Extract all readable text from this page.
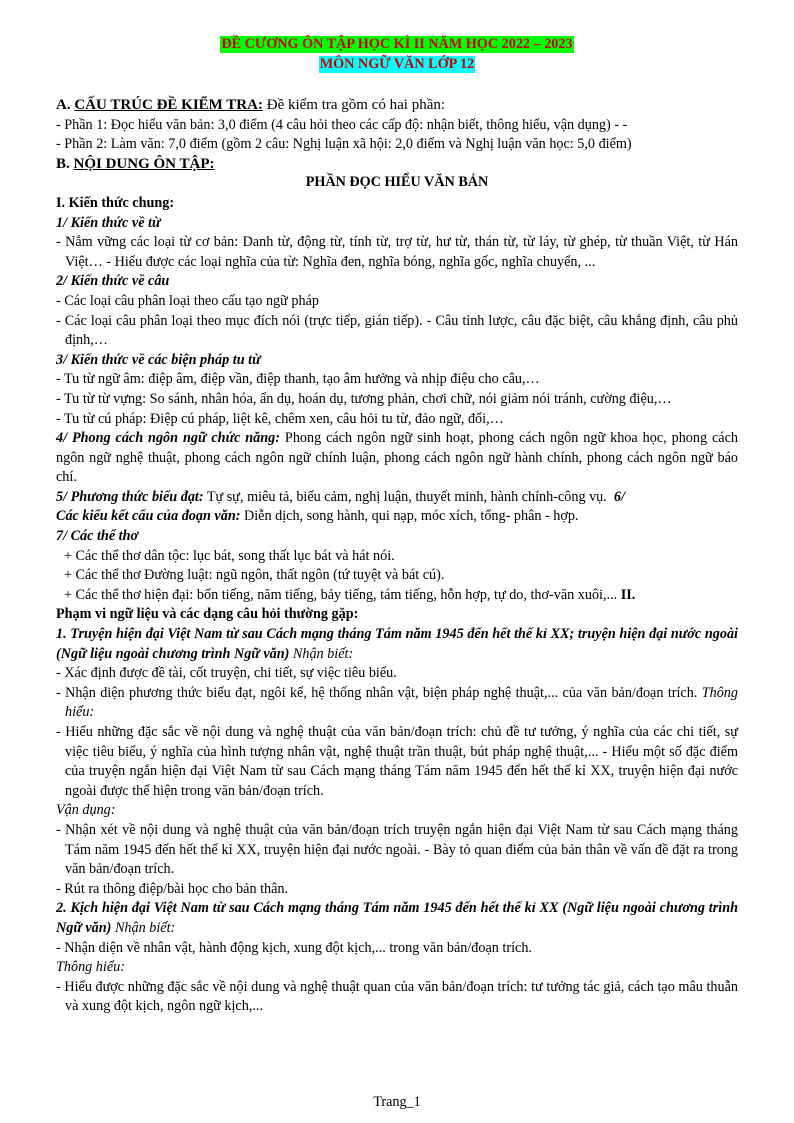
ĐỀ CƯƠNG ÔN TẬP HỌC KÌ II NĂM HỌC 2022 – 2023
MÔN NGỮ VĂN LỚP 12

A. CẤU TRÚC ĐỀ KIỂM TRA: Đề kiểm tra gồm có hai phần:

- Phần 1: Đọc hiểu văn bản: 3,0 điểm (4 câu hỏi theo các cấp độ: nhận biết, thông hiểu, vận dụng) - -

- Phần 2: Làm văn: 7,0 điểm (gồm 2 câu: Nghị luận xã hội: 2,0 điểm và Nghị luận văn học: 5,0 điểm)

B. NỘI DUNG ÔN TẬP:

PHẦN ĐỌC HIỂU VĂN BẢN

I. Kiến thức chung:

1/ Kiến thức về từ

- Nắm vững các loại từ cơ bản: Danh từ, động từ, tính từ, trợ từ, hư từ, thán từ, từ láy, từ ghép, từ thuần Việt, từ Hán Việt… - Hiểu được các loại nghĩa của từ: Nghĩa đen, nghĩa bóng, nghĩa gốc, nghĩa chuyển, ...

2/ Kiến thức về câu

- Các loại câu phân loại theo cấu tạo ngữ pháp

- Các loại câu phân loại theo mục đích nói (trực tiếp, gián tiếp). - Câu tỉnh lược, câu đặc biệt, câu khẳng định, câu phủ định,…

3/ Kiến thức về các biện pháp tu từ

- Tu từ ngữ âm: điệp âm, điệp vần, điệp thanh, tạo âm hưởng và nhịp điệu cho câu,…

- Tu từ từ vựng: So sánh, nhân hóa, ẩn dụ, hoán dụ, tương phản, chơi chữ, nói giảm nói tránh, cường điệu,…

- Tu từ cú pháp: Điệp cú pháp, liệt kê, chêm xen, câu hỏi tu từ, đảo ngữ, đối,…

4/ Phong cách ngôn ngữ chức năng: Phong cách ngôn ngữ sinh hoạt, phong cách ngôn ngữ khoa học, phong cách ngôn ngữ nghệ thuật, phong cách ngôn ngữ chính luận, phong cách ngôn ngữ hành chính, phong cách ngôn ngữ báo chí.

5/ Phương thức biểu đạt: Tự sự, miêu tả, biểu cảm, nghị luận, thuyết minh, hành chính-công vụ. 6/
Các kiểu kết cấu của đoạn văn: Diễn dịch, song hành, qui nạp, móc xích, tổng- phân - hợp.

7/ Các thể thơ

+ Các thể thơ dân tộc: lục bát, song thất lục bát và hát nói.

+ Các thể thơ Đường luật: ngũ ngôn, thất ngôn (tứ tuyệt và bát cú).

+ Các thể thơ hiện đại: bốn tiếng, năm tiếng, bảy tiếng, tám tiếng, hỗn hợp, tự do, thơ-văn xuôi,... II.

Phạm vi ngữ liệu và các dạng câu hỏi thường gặp:

1. Truyện hiện đại Việt Nam từ sau Cách mạng tháng Tám năm 1945 đến hết thế kỉ XX; truyện hiện đại nước ngoài (Ngữ liệu ngoài chương trình Ngữ văn) Nhận biết:

- Xác định được đề tài, cốt truyện, chi tiết, sự việc tiêu biểu.

- Nhận diện phương thức biểu đạt, ngôi kể, hệ thống nhân vật, biện pháp nghệ thuật,... của văn bản/đoạn trích. Thông hiểu:

- Hiểu những đặc sắc về nội dung và nghệ thuật của văn bản/đoạn trích: chủ đề tư tưởng, ý nghĩa của các chi tiết, sự việc tiêu biểu, ý nghĩa của hình tượng nhân vật, nghệ thuật trần thuật, bút pháp nghệ thuật,... - Hiểu một số đặc điểm của truyện ngắn hiện đại Việt Nam từ sau Cách mạng tháng Tám năm 1945 đến hết thế kỉ XX, truyện hiện đại nước ngoài được thể hiện trong văn bản/đoạn trích.

Vận dụng:

- Nhận xét về nội dung và nghệ thuật của văn bản/đoạn trích truyện ngắn hiện đại Việt Nam từ sau Cách mạng tháng Tám năm 1945 đến hết thế kỉ XX, truyện hiện đại nước ngoài. - Bày tỏ quan điểm của bản thân về vấn đề đặt ra trong văn bản/đoạn trích.

- Rút ra thông điệp/bài học cho bản thân.

2. Kịch hiện đại Việt Nam từ sau Cách mạng tháng Tám năm 1945 đến hết thế kỉ XX (Ngữ liệu ngoài chương trình Ngữ văn) Nhận biết:

- Nhận diện về nhân vật, hành động kịch, xung đột kịch,... trong văn bản/đoạn trích.

Thông hiểu:

- Hiểu được những đặc sắc về nội dung và nghệ thuật quan của văn bản/đoạn trích: tư tưởng tác giả, cách tạo mâu thuẫn và xung đột kịch, ngôn ngữ kịch,...

Trang_1
